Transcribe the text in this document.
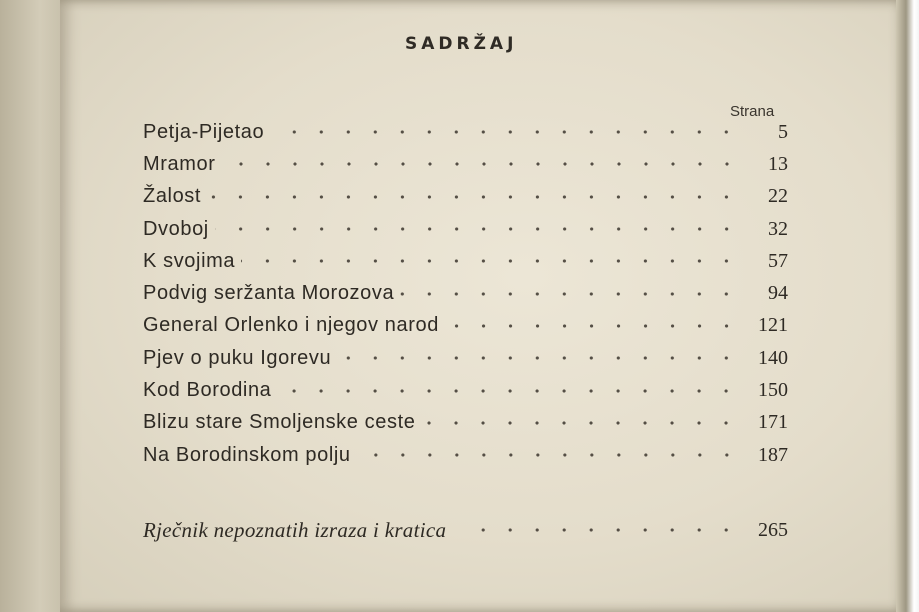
SADRŽAJ
Strana
Petja-Pijetao	5
Mramor	13
Žalost	22
Dvoboj	32
K svojima	57
Podvig seržanta Morozova	94
General Orlenko i njegov narod	121
Pjev o puku Igorevu	140
Kod Borodina	150
Blizu stare Smoljenske ceste	171
Na Borodinskom polju	187
Rječnik nepoznatih izraza i kratica	265
